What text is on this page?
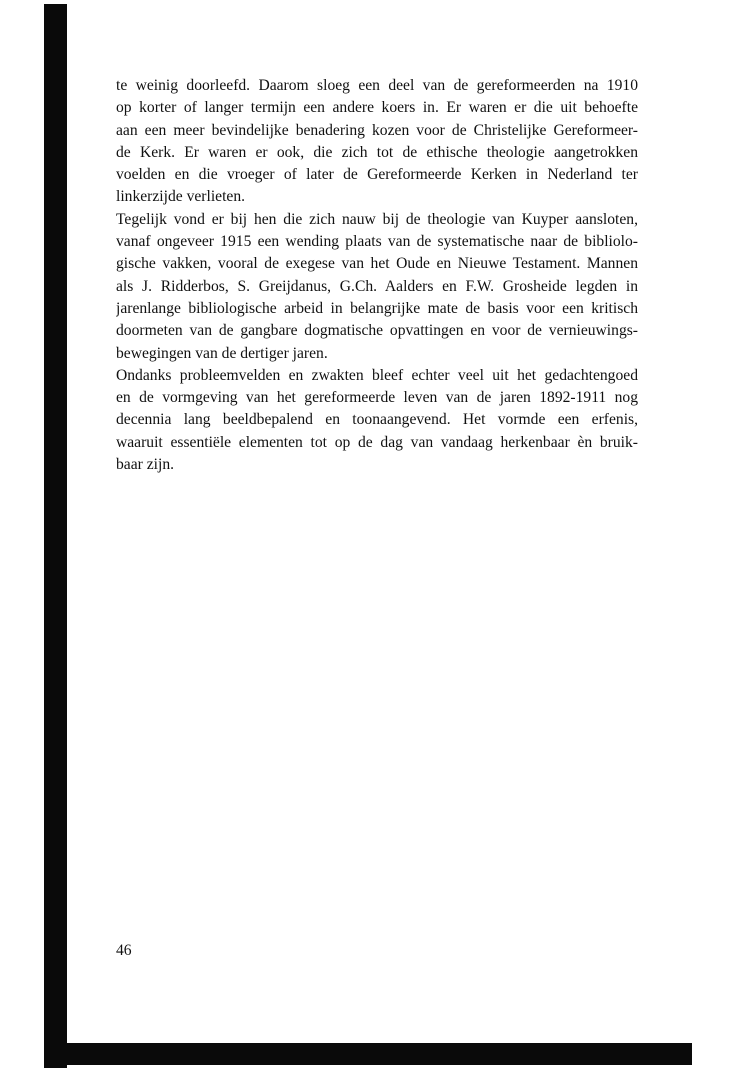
te weinig doorleefd. Daarom sloeg een deel van de gereformeerden na 1910
op korter of langer termijn een andere koers in. Er waren er die uit behoefte
aan een meer bevindelijke benadering kozen voor de Christelijke Gereformeer-
de Kerk. Er waren er ook, die zich tot de ethische theologie aangetrokken
voelden en die vroeger of later de Gereformeerde Kerken in Nederland ter
linkerzijde verlieten.

Tegelijk vond er bij hen die zich nauw bij de theologie van Kuyper aansloten,
vanaf ongeveer 1915 een wending plaats van de systematische naar de bibliolo-
gische vakken, vooral de exegese van het Oude en Nieuwe Testament. Mannen
als J. Ridderbos, S. Greijdanus, G.Ch. Aalders en F.W. Grosheide legden in
jarenlange bibliologische arbeid in belangrijke mate de basis voor een kritisch
doormeten van de gangbare dogmatische opvattingen en voor de vernieuwings-
bewegingen van de dertiger jaren.

Ondanks probleemvelden en zwakten bleef echter veel uit het gedachtengoed
en de vormgeving van het gereformeerde leven van de jaren 1892-1911 nog
decennia lang beeldbepalend en toonaangevend. Het vormde een erfenis,
waaruit essentiële elementen tot op de dag van vandaag herkenbaar èn bruik-
baar zijn.

46
